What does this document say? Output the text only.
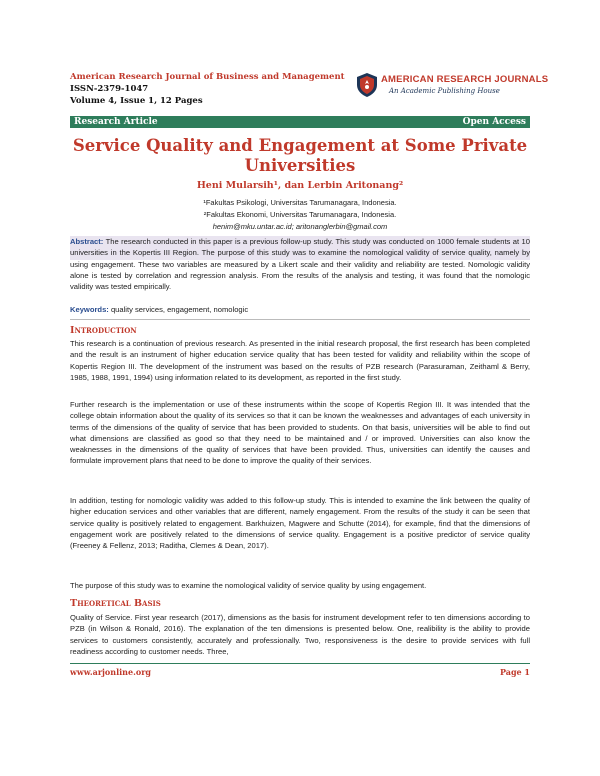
American Research Journal of Business and Management
ISSN-2379-1047
Volume 4, Issue 1, 12 Pages
AMERICAN RESEARCH JOURNALS
An Academic Publishing House
Research Article	Open Access
Service Quality and Engagement at Some Private Universities
Heni Mularsih¹, dan Lerbin Aritonang²
¹Fakultas Psikologi, Universitas Tarumanagara, Indonesia.
²Fakultas Ekonomi, Universitas Tarumanagara, Indonesia.
henim@mku.untar.ac.id; aritonanglerbin@gmail.com
Abstract: The research conducted in this paper is a previous follow-up study. This study was conducted on 1000 female students at 10 universities in the Kopertis III Region. The purpose of this study was to examine the nomological validity of service quality, namely by using engagement. These two variables are measured by a Likert scale and their validity and reliability are tested. Nomologic validity alone is tested by correlation and regression analysis. From the results of the analysis and testing, it was found that the nomologic validity was tested empirically.
Keywords: quality services, engagement, nomologic
Introduction
This research is a continuation of previous research. As presented in the initial research proposal, the first research has been completed and the result is an instrument of higher education service quality that has been tested for validity and reliability within the scope of Kopertis Region III. The development of the instrument was based on the results of PZB research (Parasuraman, Zeithaml & Berry, 1985, 1988, 1991, 1994) using information related to its development, as reported in the first study.
Further research is the implementation or use of these instruments within the scope of Kopertis Region III. It was intended that the college obtain information about the quality of its services so that it can be known the weaknesses and advantages of each university in terms of the dimensions of the quality of service that has been provided to students. On that basis, universities will be able to find out what dimensions are classified as good so that they need to be maintained and / or improved. Universities can also know the weaknesses in the dimensions of the quality of services that have been provided. Thus, universities can identify the causes and formulate improvement plans that need to be done to improve the quality of their services.
In addition, testing for nomologic validity was added to this follow-up study. This is intended to examine the link between the quality of higher education services and other variables that are different, namely engagement. From the results of the study it can be seen that service quality is positively related to engagement. Barkhuizen, Magwere and Schutte (2014), for example, find that the dimensions of engagement work are positively related to the dimensions of service quality. Engagement is a positive predictor of service quality (Freeney & Fellenz, 2013; Raditha, Clemes & Dean, 2017).
The purpose of this study was to examine the nomological validity of service quality by using engagement.
Theoretical Basis
Quality of Service. First year research (2017), dimensions as the basis for instrument development refer to ten dimensions according to PZB (in Wilson & Ronald, 2016). The explanation of the ten dimensions is presented below. One, realibility is the ability to provide services to customers consistently, accurately and professionally. Two, responsiveness is the desire to provide services with full readiness according to customer needs. Three,
www.arjonline.org	Page 1
